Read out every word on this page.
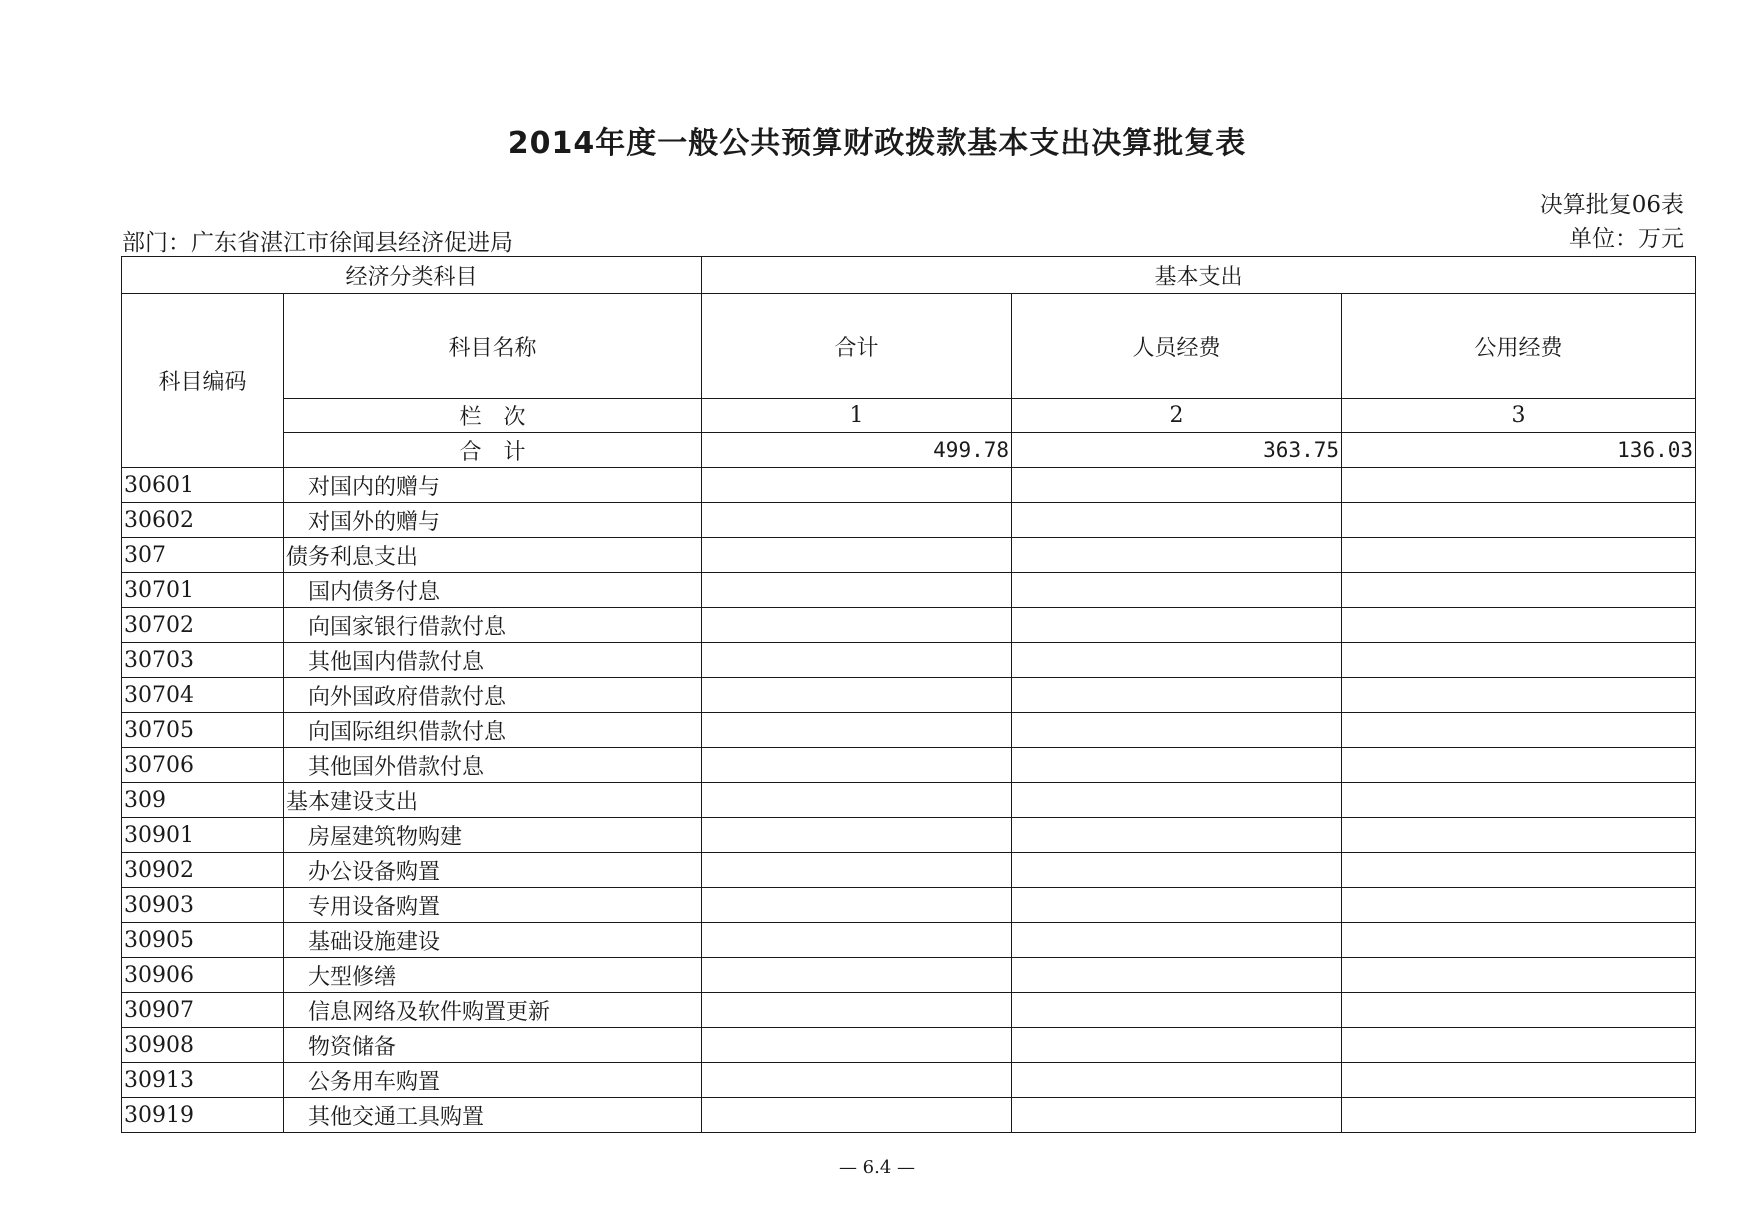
2014年度一般公共预算财政拨款基本支出决算批复表
决算批复06表
单位：万元
部门：广东省湛江市徐闻县经济促进局
经济分类科目		基本支出		
科目编码	科目名称	合计	人员经费	公用经费
	栏　次	1	2	3
	合　计	499.78	363.75	136.03
30601	对国内的赠与			
30602	对国外的赠与			
307	债务利息支出			
30701	国内债务付息			
30702	向国家银行借款付息			
30703	其他国内借款付息			
30704	向外国政府借款付息			
30705	向国际组织借款付息			
30706	其他国外借款付息			
309	基本建设支出			
30901	房屋建筑物购建			
30902	办公设备购置			
30903	专用设备购置			
30905	基础设施建设			
30906	大型修缮			
30907	信息网络及软件购置更新			
30908	物资储备			
30913	公务用车购置			
30919	其他交通工具购置			
— 6.4 —
